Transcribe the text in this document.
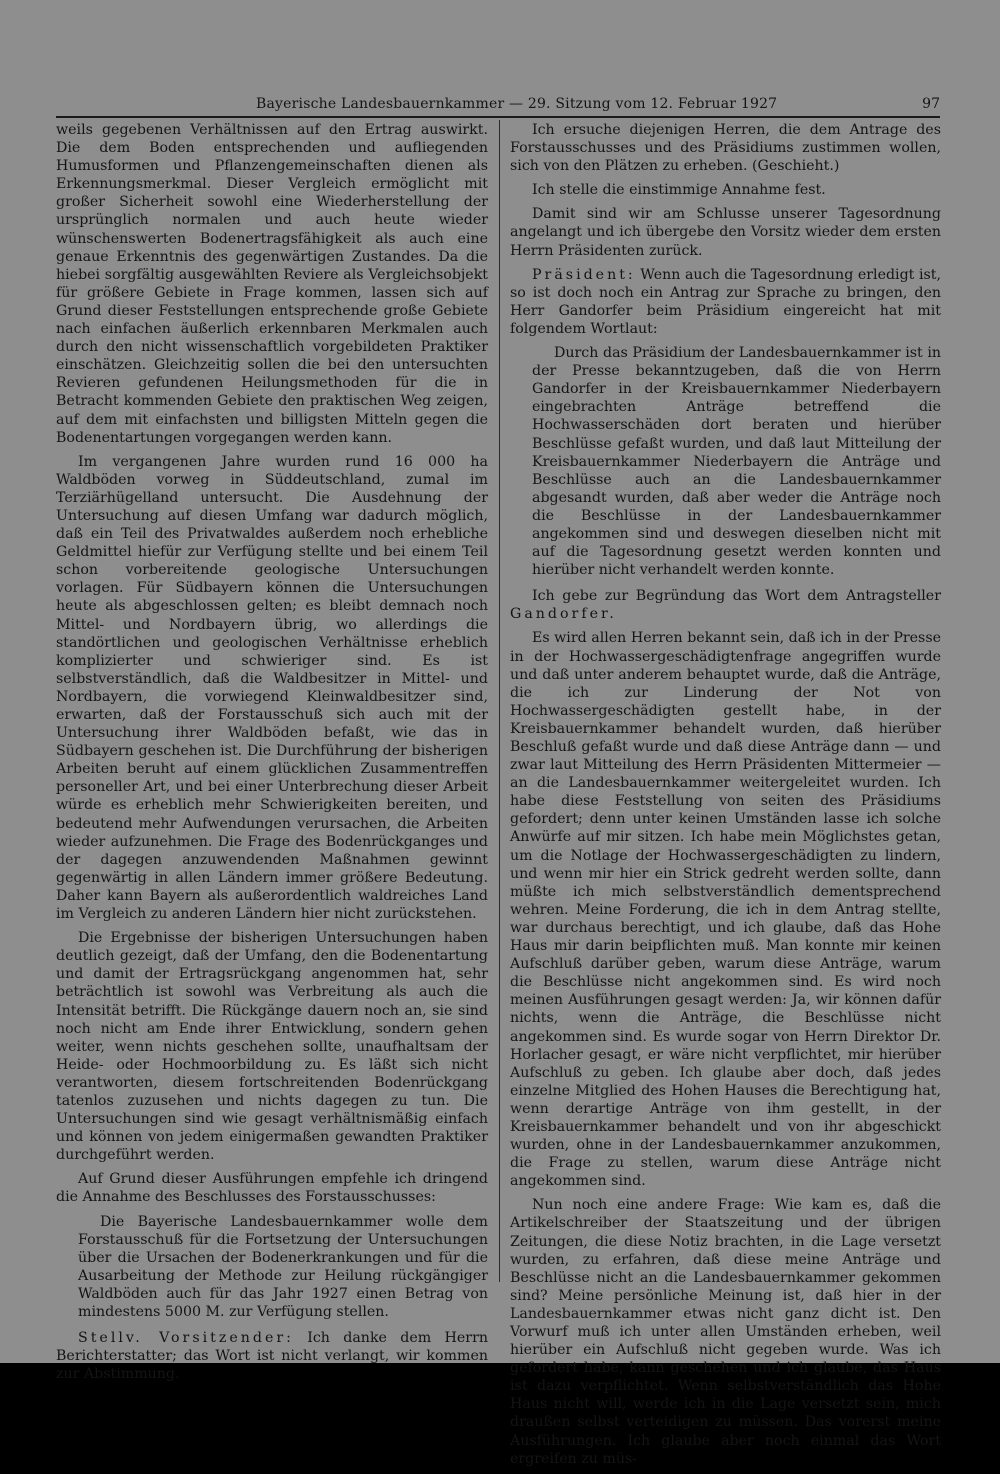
Bayerische Landesbauernkammer — 29. Sitzung vom 12. Februar 1927	97

weils gegebenen Verhältnissen auf den Ertrag auswirkt. Die dem Boden entsprechenden und aufliegenden Humusformen und Pflanzengemeinschaften dienen als Erkennungsmerkmal. Dieser Vergleich ermöglicht mit großer Sicherheit sowohl eine Wiederherstellung der ursprünglich normalen und auch heute wieder wünschenswerten Bodenertragsfähigkeit als auch eine genaue Erkenntnis des gegenwärtigen Zustandes. Da die hiebei sorgfältig ausgewählten Reviere als Vergleichsobjekt für größere Gebiete in Frage kommen, lassen sich auf Grund dieser Feststellungen entsprechende große Gebiete nach einfachen äußerlich erkennbaren Merkmalen auch durch den nicht wissenschaftlich vorgebildeten Praktiker einschätzen. Gleichzeitig sollen die bei den untersuchten Revieren gefundenen Heilungsmethoden für die in Betracht kommenden Gebiete den praktischen Weg zeigen, auf dem mit einfachsten und billigsten Mitteln gegen die Bodenentartungen vorgegangen werden kann.

Im vergangenen Jahre wurden rund 16 000 ha Waldböden vorweg in Süddeutschland, zumal im Terziärhügelland untersucht. Die Ausdehnung der Untersuchung auf diesen Umfang war dadurch möglich, daß ein Teil des Privatwaldes außerdem noch erhebliche Geldmittel hiefür zur Verfügung stellte und bei einem Teil schon vorbereitende geologische Untersuchungen vorlagen. Für Südbayern können die Untersuchungen heute als abgeschlossen gelten; es bleibt demnach noch Mittel- und Nordbayern übrig, wo allerdings die standörtlichen und geologischen Verhältnisse erheblich komplizierter und schwieriger sind. Es ist selbstverständlich, daß die Waldbesitzer in Mittel- und Nordbayern, die vorwiegend Kleinwaldbesitzer sind, erwarten, daß der Forstausschuß sich auch mit der Untersuchung ihrer Waldböden befaßt, wie das in Südbayern geschehen ist. Die Durchführung der bisherigen Arbeiten beruht auf einem glücklichen Zusammentreffen personeller Art, und bei einer Unterbrechung dieser Arbeit würde es erheblich mehr Schwierigkeiten bereiten, und bedeutend mehr Aufwendungen verursachen, die Arbeiten wieder aufzunehmen. Die Frage des Bodenrückganges und der dagegen anzuwendenden Maßnahmen gewinnt gegenwärtig in allen Ländern immer größere Bedeutung. Daher kann Bayern als außerordentlich waldreiches Land im Vergleich zu anderen Ländern hier nicht zurückstehen.

Die Ergebnisse der bisherigen Untersuchungen haben deutlich gezeigt, daß der Umfang, den die Bodenentartung und damit der Ertragsrückgang angenommen hat, sehr beträchtlich ist sowohl was Verbreitung als auch die Intensität betrifft. Die Rückgänge dauern noch an, sie sind noch nicht am Ende ihrer Entwicklung, sondern gehen weiter, wenn nichts geschehen sollte, unaufhaltsam der Heide- oder Hochmoorbildung zu. Es läßt sich nicht verantworten, diesem fortschreitenden Bodenrückgang tatenlos zuzusehen und nichts dagegen zu tun. Die Untersuchungen sind wie gesagt verhältnismäßig einfach und können von jedem einigermaßen gewandten Praktiker durchgeführt werden.

Auf Grund dieser Ausführungen empfehle ich dringend die Annahme des Beschlusses des Forstausschusses:

Die Bayerische Landesbauernkammer wolle dem Forstausschuß für die Fortsetzung der Untersuchungen über die Ursachen der Bodenerkrankungen und für die Ausarbeitung der Methode zur Heilung rückgängiger Waldböden auch für das Jahr 1927 einen Betrag von mindestens 5000 M. zur Verfügung stellen.

Stellv. Vorsitzender: Ich danke dem Herrn Berichterstatter; das Wort ist nicht verlangt, wir kommen zur Abstimmung.

Ich ersuche diejenigen Herren, die dem Antrage des Forstausschusses und des Präsidiums zustimmen wollen, sich von den Plätzen zu erheben. (Geschieht.)

Ich stelle die einstimmige Annahme fest.

Damit sind wir am Schlusse unserer Tagesordnung angelangt und ich übergebe den Vorsitz wieder dem ersten Herrn Präsidenten zurück.

Präsident: Wenn auch die Tagesordnung erledigt ist, so ist doch noch ein Antrag zur Sprache zu bringen, den Herr Gandorfer beim Präsidium eingereicht hat mit folgendem Wortlaut:

Durch das Präsidium der Landesbauernkammer ist in der Presse bekanntzugeben, daß die von Herrn Gandorfer in der Kreisbauernkammer Niederbayern eingebrachten Anträge betreffend die Hochwasserschäden dort beraten und hierüber Beschlüsse gefaßt wurden, und daß laut Mitteilung der Kreisbauernkammer Niederbayern die Anträge und Beschlüsse auch an die Landesbauernkammer abgesandt wurden, daß aber weder die Anträge noch die Beschlüsse in der Landesbauernkammer angekommen sind und deswegen dieselben nicht mit auf die Tagesordnung gesetzt werden konnten und hierüber nicht verhandelt werden konnte.

Ich gebe zur Begründung das Wort dem Antragsteller Gandorfer.

Es wird allen Herren bekannt sein, daß ich in der Presse in der Hochwassergeschädigtenfrage angegriffen wurde und daß unter anderem behauptet wurde, daß die Anträge, die ich zur Linderung der Not von Hochwassergeschädigten gestellt habe, in der Kreisbauernkammer behandelt wurden, daß hierüber Beschluß gefaßt wurde und daß diese Anträge dann — und zwar laut Mitteilung des Herrn Präsidenten Mittermeier — an die Landesbauernkammer weitergeleitet wurden. Ich habe diese Feststellung von seiten des Präsidiums gefordert; denn unter keinen Umständen lasse ich solche Anwürfe auf mir sitzen. Ich habe mein Möglichstes getan, um die Notlage der Hochwassergeschädigten zu lindern, und wenn mir hier ein Strick gedreht werden sollte, dann müßte ich mich selbstverständlich dementsprechend wehren. Meine Forderung, die ich in dem Antrag stellte, war durchaus berechtigt, und ich glaube, daß das Hohe Haus mir darin beipflichten muß. Man konnte mir keinen Aufschluß darüber geben, warum diese Anträge, warum die Beschlüsse nicht angekommen sind. Es wird noch meinen Ausführungen gesagt werden: Ja, wir können dafür nichts, wenn die Anträge, die Beschlüsse nicht angekommen sind. Es wurde sogar von Herrn Direktor Dr. Horlacher gesagt, er wäre nicht verpflichtet, mir hierüber Aufschluß zu geben. Ich glaube aber doch, daß jedes einzelne Mitglied des Hohen Hauses die Berechtigung hat, wenn derartige Anträge von ihm gestellt, in der Kreisbauernkammer behandelt und von ihr abgeschickt wurden, ohne in der Landesbauernkammer anzukommen, die Frage zu stellen, warum diese Anträge nicht angekommen sind.

Nun noch eine andere Frage: Wie kam es, daß die Artikelschreiber der Staatszeitung und der übrigen Zeitungen, die diese Notiz brachten, in die Lage versetzt wurden, zu erfahren, daß diese meine Anträge und Beschlüsse nicht an die Landesbauernkammer gekommen sind? Meine persönliche Meinung ist, daß hier in der Landesbauernkammer etwas nicht ganz dicht ist. Den Vorwurf muß ich unter allen Umständen erheben, weil hierüber ein Aufschluß nicht gegeben wurde. Was ich gefordert habe, kann geschehen und ich glaube, das Haus ist dazu verpflichtet. Wenn selbstverständlich das Hohe Haus nicht will, werde ich in die Lage versetzt sein, mich draußen selbst verteidigen zu müssen. Das vorerst meine Ausführungen. Ich glaube aber noch einmal das Wort ergreifen zu müs-
